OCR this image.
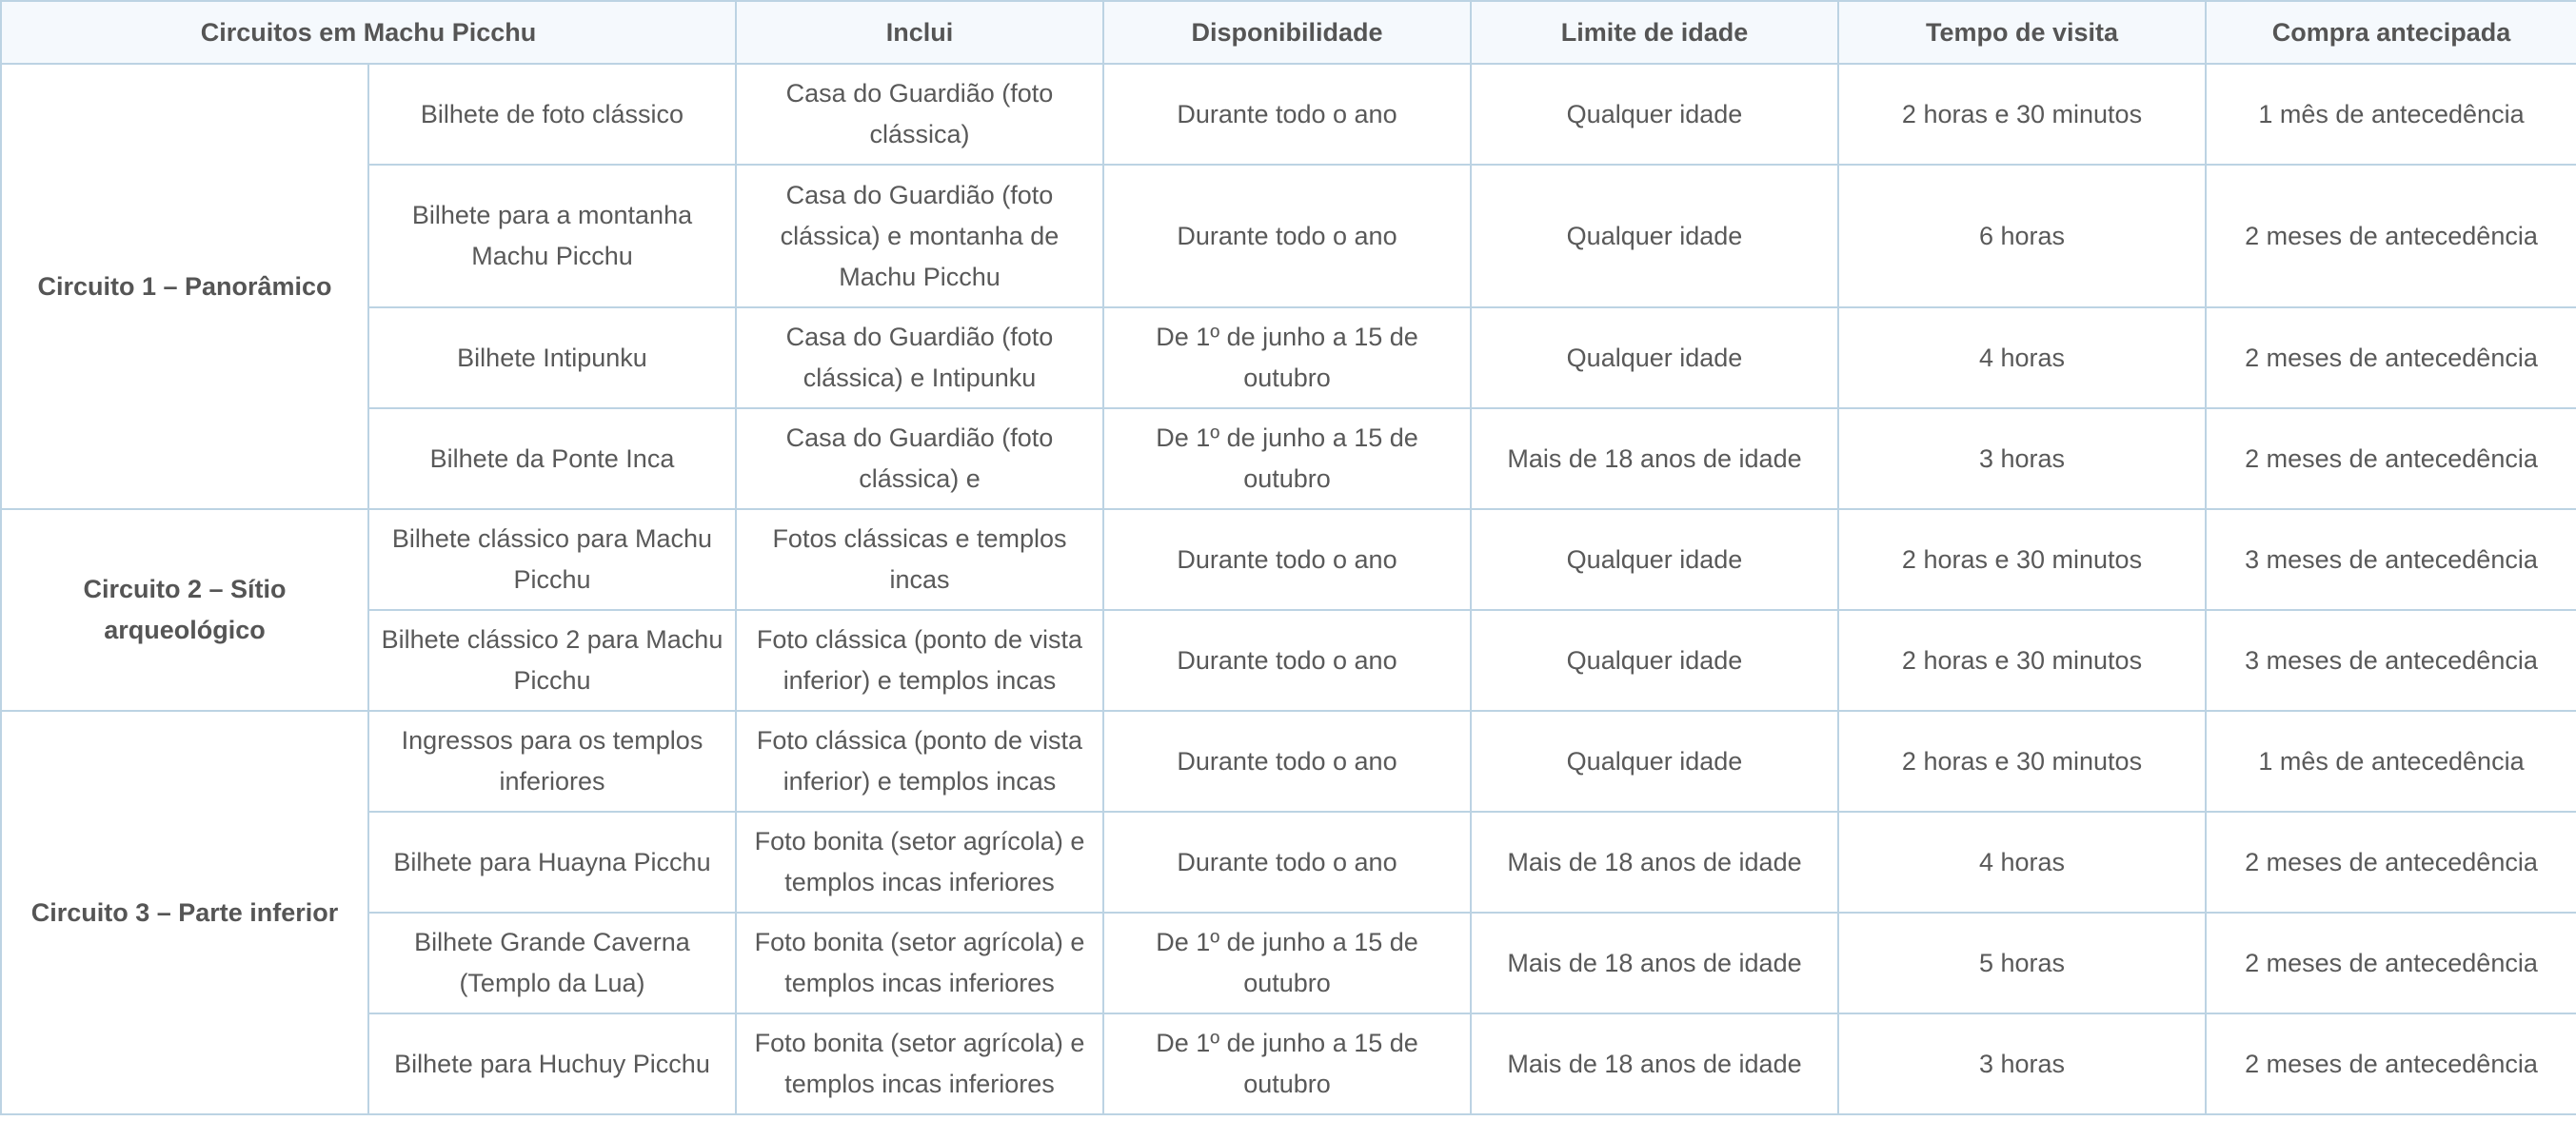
Circuitos em Machu Picchu		Inclui	Disponibilidade	Limite de idade	Tempo de visita	Compra antecipada
Circuito 1 – Panorâmico	Bilhete de foto clássico	Casa do Guardião (foto clássica)	Durante todo o ano	Qualquer idade	2 horas e 30 minutos	1 mês de antecedência
	Bilhete para a montanha Machu Picchu	Casa do Guardião (foto clássica) e montanha de Machu Picchu	Durante todo o ano	Qualquer idade	6 horas	2 meses de antecedência
	Bilhete Intipunku	Casa do Guardião (foto clássica) e Intipunku	De 1º de junho a 15 de outubro	Qualquer idade	4 horas	2 meses de antecedência
	Bilhete da Ponte Inca	Casa do Guardião (foto clássica) e	De 1º de junho a 15 de outubro	Mais de 18 anos de idade	3 horas	2 meses de antecedência
Circuito 2 – Sítio arqueológico	Bilhete clássico para Machu Picchu	Fotos clássicas e templos incas	Durante todo o ano	Qualquer idade	2 horas e 30 minutos	3 meses de antecedência
	Bilhete clássico 2 para Machu Picchu	Foto clássica (ponto de vista inferior) e templos incas	Durante todo o ano	Qualquer idade	2 horas e 30 minutos	3 meses de antecedência
Circuito 3 – Parte inferior	Ingressos para os templos inferiores	Foto clássica (ponto de vista inferior) e templos incas	Durante todo o ano	Qualquer idade	2 horas e 30 minutos	1 mês de antecedência
	Bilhete para Huayna Picchu	Foto bonita (setor agrícola) e templos incas inferiores	Durante todo o ano	Mais de 18 anos de idade	4 horas	2 meses de antecedência
	Bilhete Grande Caverna (Templo da Lua)	Foto bonita (setor agrícola) e templos incas inferiores	De 1º de junho a 15 de outubro	Mais de 18 anos de idade	5 horas	2 meses de antecedência
	Bilhete para Huchuy Picchu	Foto bonita (setor agrícola) e templos incas inferiores	De 1º de junho a 15 de outubro	Mais de 18 anos de idade	3 horas	2 meses de antecedência
